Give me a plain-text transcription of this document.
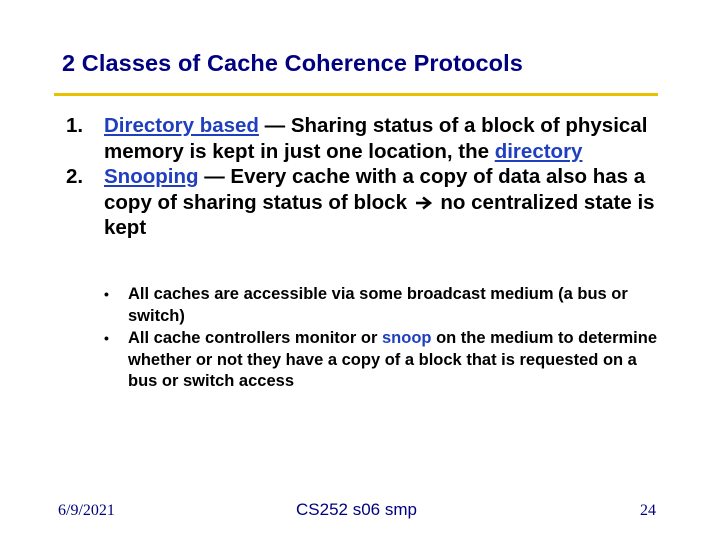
2 Classes of Cache Coherence Protocols
1.	Directory based — Sharing status of a block of physical memory is kept in just one location, the directory
2.	Snooping — Every cache with a copy of data also has a copy of sharing status of block  no centralized state is kept
•	All caches are accessible via some broadcast medium (a bus or switch)
•	All cache controllers monitor or snoop on the medium to determine whether or not they have a copy of a block that is requested on a bus or switch access
6/9/2021	CS252 s06 smp	24
